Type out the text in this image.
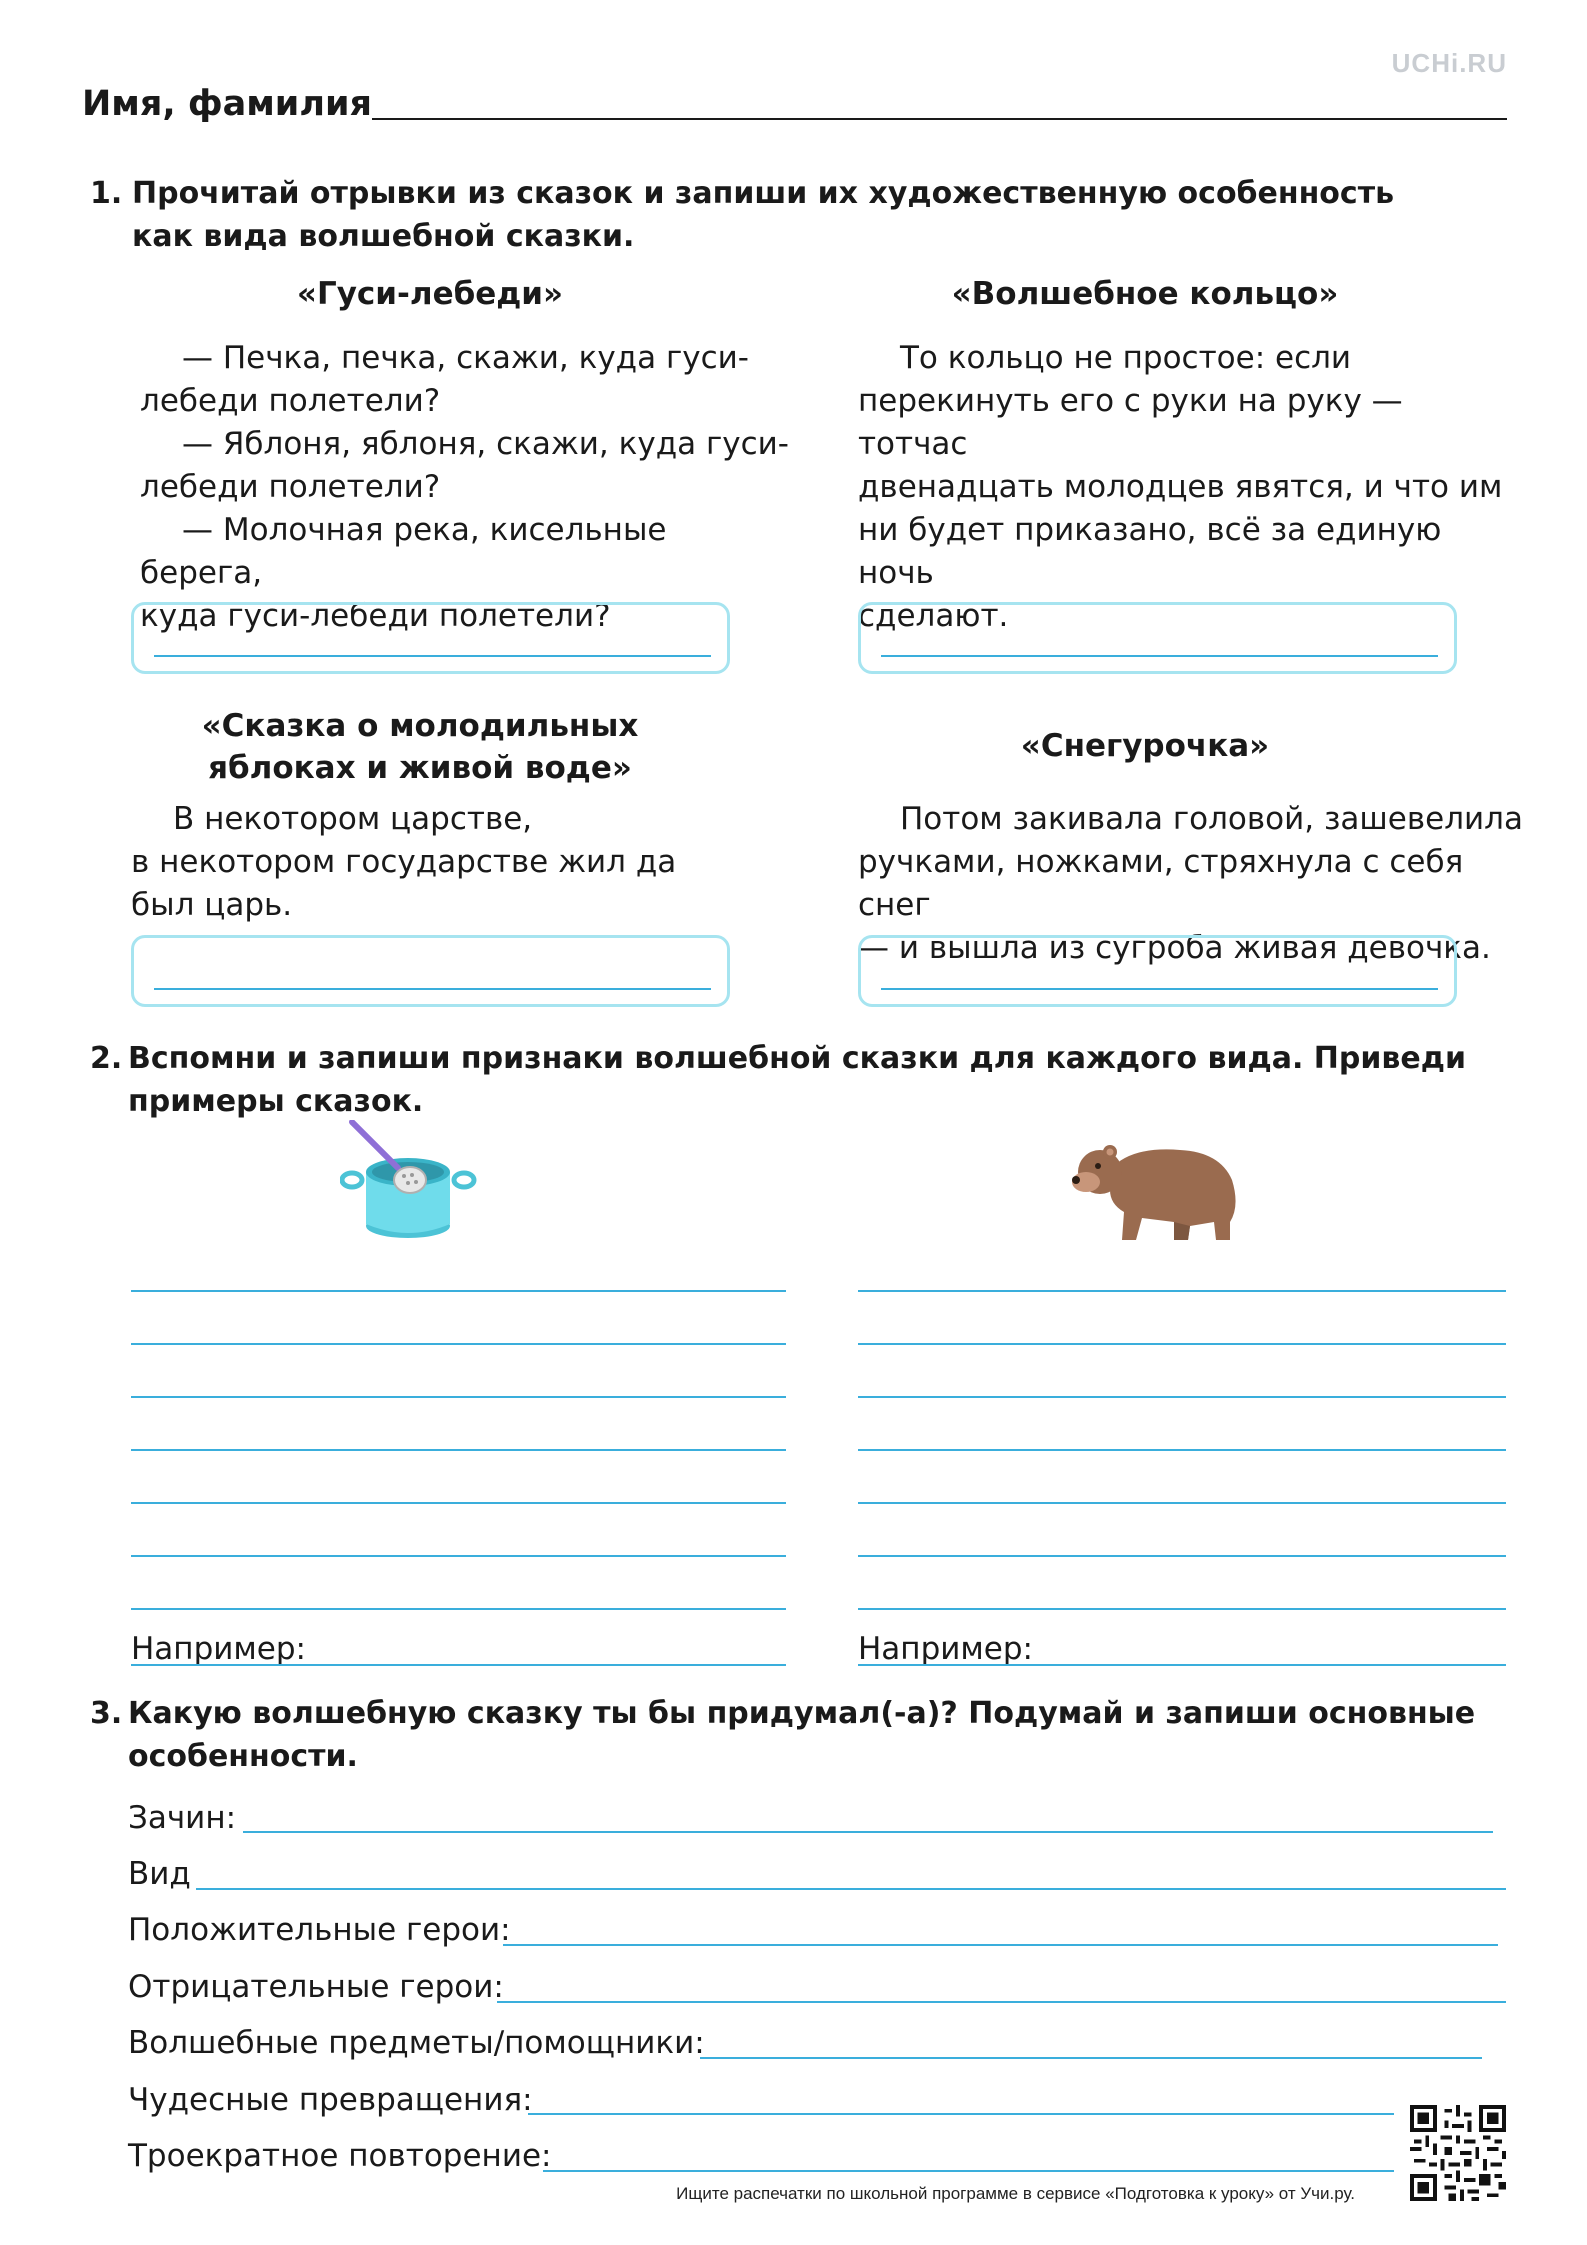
UCHi.RU
Имя, фамилия
1. Прочитай отрывки из сказок и запиши их художественную особенность
как вида волшебной сказки.
«Гуси-лебеди»
— Печка, печка, скажи, куда гуси-
лебеди полетели?
— Яблоня, яблоня, скажи, куда гуси-
лебеди полетели?
— Молочная река, кисельные берега,
куда гуси-лебеди полетели?
«Волшебное кольцо»
То кольцо не простое: если
перекинуть его с руки на руку — тотчас
двенадцать молодцев явятся, и что им
ни будет приказано, всё за единую ночь
сделают.
«Сказка о молодильных
яблоках и живой воде»
В некотором царстве,
в некотором государстве жил да
был царь.
«Снегурочка»
Потом закивала головой, зашевелила
ручками, ножками, стряхнула с себя снег
— и вышла из сугроба живая девочка.
2. Вспомни и запиши признаки волшебной сказки для каждого вида. Приведи
примеры сказок.
Например:	Например:
3. Какую волшебную сказку ты бы придумал(-а)? Подумай и запиши основные
особенности.
Зачин:
Вид
Положительные герои:
Отрицательные герои:
Волшебные предметы/помощники:
Чудесные превращения:
Троекратное повторение:
Ищите распечатки по школьной программе в сервисе «Подготовка к уроку» от Учи.ру.
